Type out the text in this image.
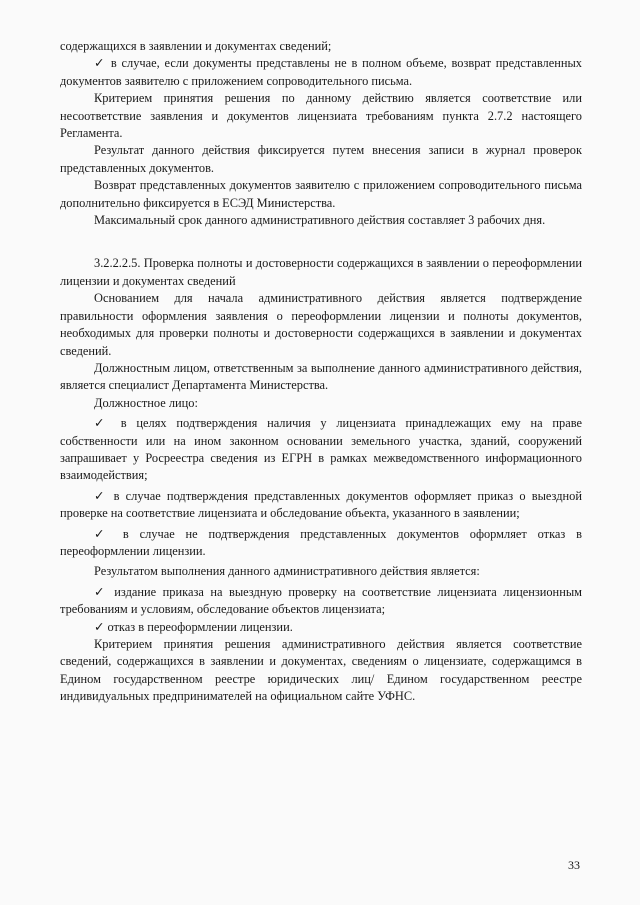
содержащихся в заявлении и документах сведений;

✓ в случае, если документы представлены не в полном объеме, возврат представленных документов заявителю с приложением сопроводительного письма.

Критерием принятия решения по данному действию является соответствие или несоответствие заявления и документов лицензиата требованиям пункта 2.7.2 настоящего Регламента.

Результат данного действия фиксируется путем внесения записи в журнал проверок представленных документов.

Возврат представленных документов заявителю с приложением сопроводительного письма дополнительно фиксируется в ЕСЭД Министерства.

Максимальный срок данного административного действия составляет 3 рабочих дня.

3.2.2.2.5. Проверка полноты и достоверности содержащихся в заявлении о переоформлении лицензии и документах сведений

Основанием для начала административного действия является подтверждение правильности оформления заявления о переоформлении лицензии и полноты документов, необходимых для проверки полноты и достоверности содержащихся в заявлении и документах сведений.

Должностным лицом, ответственным за выполнение данного административного действия, является специалист Департамента Министерства.

Должностное лицо:

✓ в целях подтверждения наличия у лицензиата принадлежащих ему на праве собственности или на ином законном основании земельного участка, зданий, сооружений запрашивает у Росреестра сведения из ЕГРН в рамках межведомственного информационного взаимодействия;

✓ в случае подтверждения представленных документов оформляет приказ о выездной проверке на соответствие лицензиата и обследование объекта, указанного в заявлении;

✓ в случае не подтверждения представленных документов оформляет отказ в переоформлении лицензии.

Результатом выполнения данного административного действия является:

✓ издание приказа на выездную проверку на соответствие лицензиата лицензионным требованиям и условиям, обследование объектов лицензиата;

✓ отказ в переоформлении лицензии.

Критерием принятия решения административного действия является соответствие сведений, содержащихся в заявлении и документах, сведениям о лицензиате, содержащимся в Едином государственном реестре юридических лиц/ Едином государственном реестре индивидуальных предпринимателей на официальном сайте УФНС.

33
